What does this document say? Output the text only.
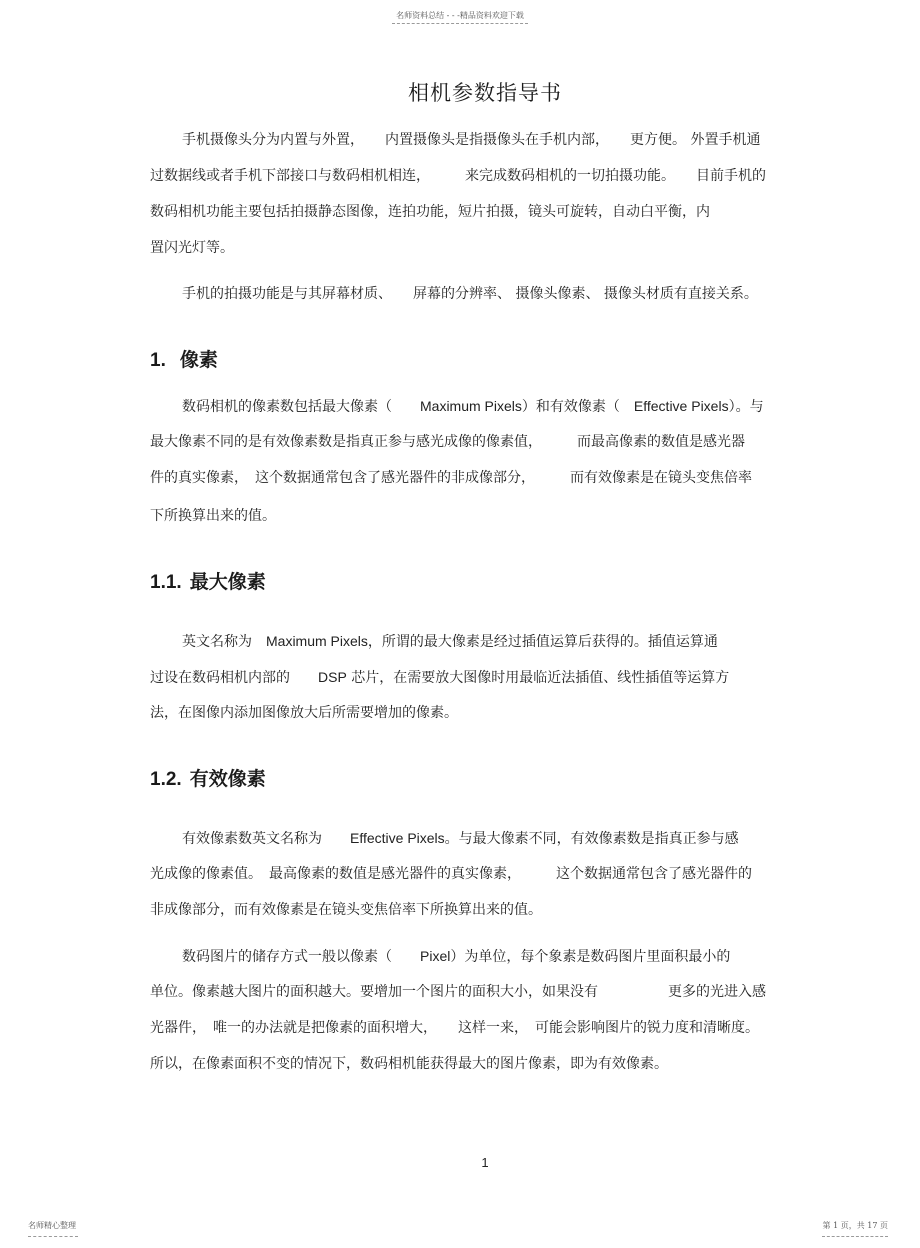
名师资料总结 - - -精品资料欢迎下载
相机参数指导书

手机摄像头分为内置与外置，　　内置摄像头是指摄像头在手机内部，　　更方便。 外置手机通

过数据线或者手机下部接口与数码相机相连，　　　来完成数码相机的一切拍摄功能。　　目前手机的

数码相机功能主要包括拍摄静态图像，连拍功能，短片拍摄，镜头可旋转，自动白平衡，内

置闪光灯等。

手机的拍摄功能是与其屏幕材质、　　屏幕的分辨率、 摄像头像素、 摄像头材质有直接关系。

1. 像素

数码相机的像素数包括最大像素（　　Maximum Pixels）和有效像素（　Effective Pixels）。与

最大像素不同的是有效像素数是指真正参与感光成像的像素值，　　　而最高像素的数值是感光器

件的真实像素，　这个数据通常包含了感光器件的非成像部分，　　　而有效像素是在镜头变焦倍率

下所换算出来的值。

1.1. 最大像素

英文名称为　Maximum Pixels，所谓的最大像素是经过插值运算后获得的。插值运算通

过设在数码相机内部的　　DSP 芯片，在需要放大图像时用最临近法插值、线性插值等运算方

法，在图像内添加图像放大后所需要增加的像素。

1.2. 有效像素

有效像素数英文名称为　　Effective Pixels。与最大像素不同，有效像素数是指真正参与感

光成像的像素值。　最高像素的数值是感光器件的真实像素，　　　这个数据通常包含了感光器件的

非成像部分，而有效像素是在镜头变焦倍率下所换算出来的值。

数码图片的储存方式一般以像素（　　Pixel）为单位，每个象素是数码图片里面积最小的

单位。像素越大图片的面积越大。要增加一个图片的面积大小，如果没有　　　　　更多的光进入感

光器件，　唯一的办法就是把像素的面积增大，　　这样一来，　可能会影响图片的锐力度和清晰度。

所以，在像素面积不变的情况下，数码相机能获得最大的图片像素，即为有效像素。

1
名师精心整理	第 1 页，共 17 页
